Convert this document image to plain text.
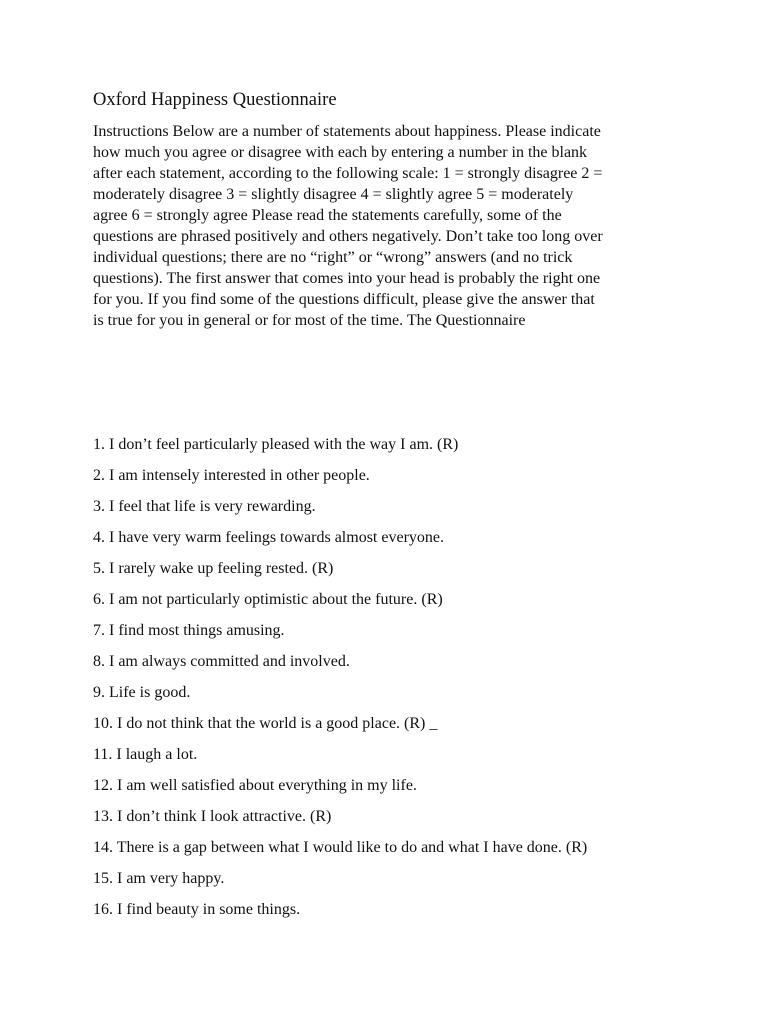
Oxford Happiness Questionnaire
Instructions Below are a number of statements about happiness. Please indicate
how much you agree or disagree with each by entering a number in the blank
after each statement, according to the following scale: 1 = strongly disagree 2 =
moderately disagree 3 = slightly disagree 4 = slightly agree 5 = moderately
agree 6 = strongly agree Please read the statements carefully, some of the
questions are phrased positively and others negatively. Don’t take too long over
individual questions; there are no “right” or “wrong” answers (and no trick
questions). The first answer that comes into your head is probably the right one
for you. If you find some of the questions difficult, please give the answer that
is true for you in general or for most of the time. The Questionnaire
1. I don’t feel particularly pleased with the way I am. (R)
2. I am intensely interested in other people.
3. I feel that life is very rewarding.
4. I have very warm feelings towards almost everyone.
5. I rarely wake up feeling rested. (R)
6. I am not particularly optimistic about the future. (R)
7. I find most things amusing.
8. I am always committed and involved.
9. Life is good.
10. I do not think that the world is a good place. (R) _
11. I laugh a lot.
12. I am well satisfied about everything in my life.
13. I don’t think I look attractive. (R)
14. There is a gap between what I would like to do and what I have done. (R)
15. I am very happy.
16. I find beauty in some things.
